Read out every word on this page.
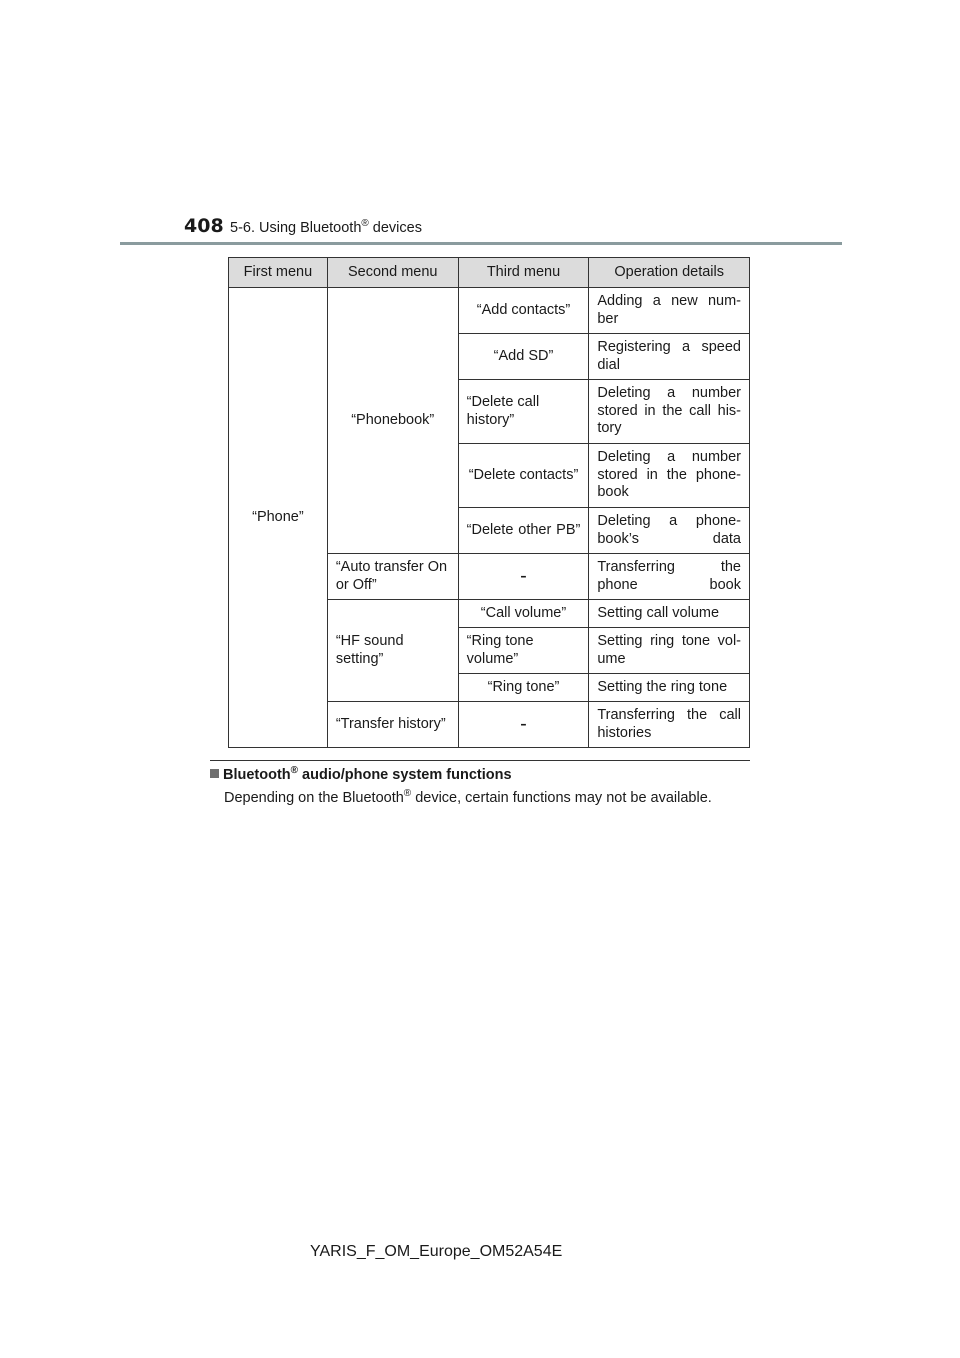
408 5-6. Using Bluetooth® devices
First menu	Second menu	Third menu	Operation details
“Phone”	“Phonebook”	“Add contacts”	Adding a new num-ber
		“Add SD”	Registering a speed dial
		“Delete call history”	Deleting a number stored in the call his-tory
		“Delete contacts”	Deleting a number stored in the phone-book
		“Delete other PB”	Deleting a phone-book’s data
	“Auto transfer On or Off”	-	Transferring the phone book
	“HF sound setting”	“Call volume”	Setting call volume
		“Ring tone volume”	Setting ring tone vol-ume
		“Ring tone”	Setting the ring tone
	“Transfer history”	-	Transferring the call histories
Bluetooth® audio/phone system functions
Depending on the Bluetooth® device, certain functions may not be available.
YARIS_F_OM_Europe_OM52A54E
